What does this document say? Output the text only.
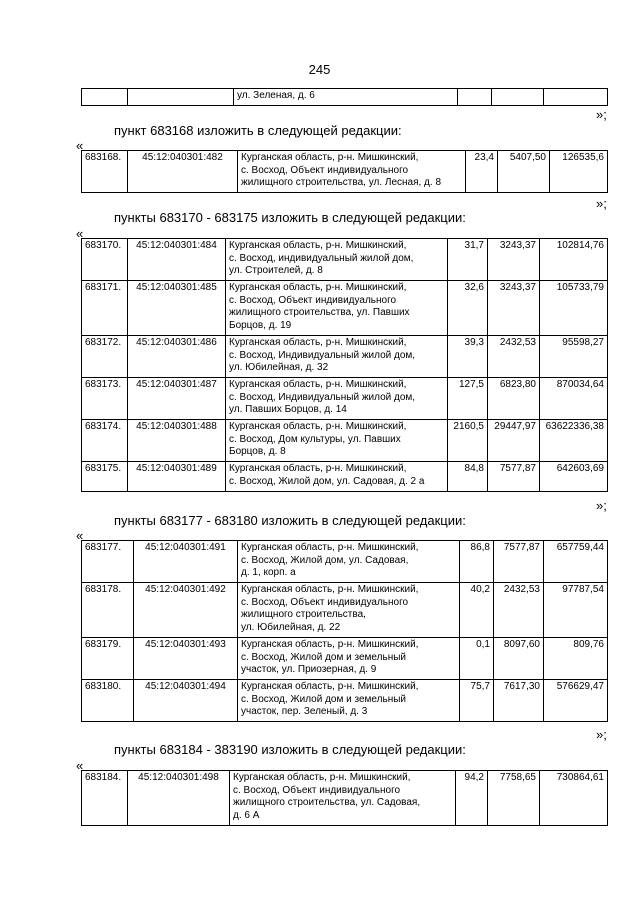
245
		ул. Зеленая, д. 6			
»;
пункт 683168 изложить в следующей редакции:
«
683168.	45:12:040301:482	Курганская область, р-н. Мишкинский,
с. Восход, Объект индивидуального
жилищного строительства, ул. Лесная, д. 8	23,4	5407,50	126535,6
»;
пункты 683170 - 683175 изложить в следующей редакции:
«
683170.	45:12:040301:484	Курганская область, р-н. Мишкинский,
с. Восход, индивидуальный жилой дом,
ул. Строителей, д. 8	31,7	3243,37	102814,76
683171.	45:12:040301:485	Курганская область, р-н. Мишкинский,
с. Восход, Объект индивидуального
жилищного строительства, ул. Павших
Борцов, д. 19	32,6	3243,37	105733,79
683172.	45:12:040301:486	Курганская область, р-н. Мишкинский,
с. Восход, Индивидуальный жилой дом,
ул. Юбилейная, д. 32	39,3	2432,53	95598,27
683173.	45:12:040301:487	Курганская область, р-н. Мишкинский,
с. Восход, Индивидуальный жилой дом,
ул. Павших Борцов, д. 14	127,5	6823,80	870034,64
683174.	45:12:040301:488	Курганская область, р-н. Мишкинский,
с. Восход, Дом культуры, ул. Павших
Борцов, д. 8	2160,5	29447,97	63622336,38
683175.	45:12:040301:489	Курганская область, р-н. Мишкинский,
с. Восход, Жилой дом, ул. Садовая, д. 2 а	84,8	7577,87	642603,69
»;
пункты 683177 - 683180 изложить в следующей редакции:
«
683177.	45:12:040301:491	Курганская область, р-н. Мишкинский,
с. Восход, Жилой дом, ул. Садовая,
д. 1, корп. а	86,8	7577,87	657759,44
683178.	45:12:040301:492	Курганская область, р-н. Мишкинский,
с. Восход, Объект индивидуального
жилищного строительства,
ул. Юбилейная, д. 22	40,2	2432,53	97787,54
683179.	45:12:040301:493	Курганская область, р-н. Мишкинский,
с. Восход, Жилой дом и земельный
участок, ул. Приозерная, д. 9	0,1	8097,60	809,76
683180.	45:12:040301:494	Курганская область, р-н. Мишкинский,
с. Восход, Жилой дом и земельный
участок, пер. Зеленый, д. 3	75,7	7617,30	576629,47
»;
пункты 683184 - 383190 изложить в следующей редакции:
«
683184.	45:12:040301:498	Курганская область, р-н. Мишкинский,
с. Восход, Объект индивидуального
жилищного строительства, ул. Садовая,
д. 6 А	94,2	7758,65	730864,61
